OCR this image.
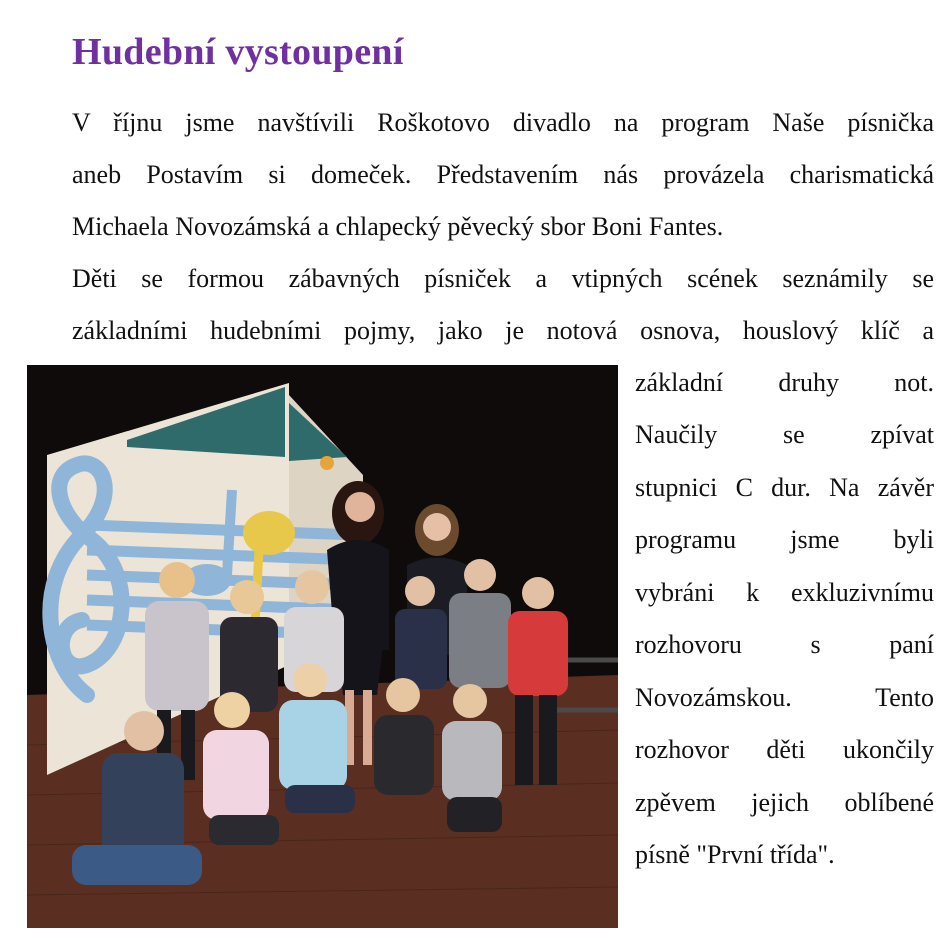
Hudební vystoupení
V říjnu jsme navštívili Roškotovo divadlo na program Naše písnička
aneb Postavím si domeček. Představením nás provázela charismatická
Michaela Novozámská a chlapecký pěvecký sbor Boni Fantes.
Děti se formou zábavných písniček a vtipných scének seznámily se
základními hudebními pojmy, jako je notová osnova, houslový klíč a
základní druhy not.
Naučily se zpívat
stupnici C dur. Na závěr
programu jsme byli
vybráni k exkluzivnímu
rozhovoru s paní
Novozámskou. Tento
rozhovor děti ukončily
zpěvem jejich oblíbené
písně "První třída".
